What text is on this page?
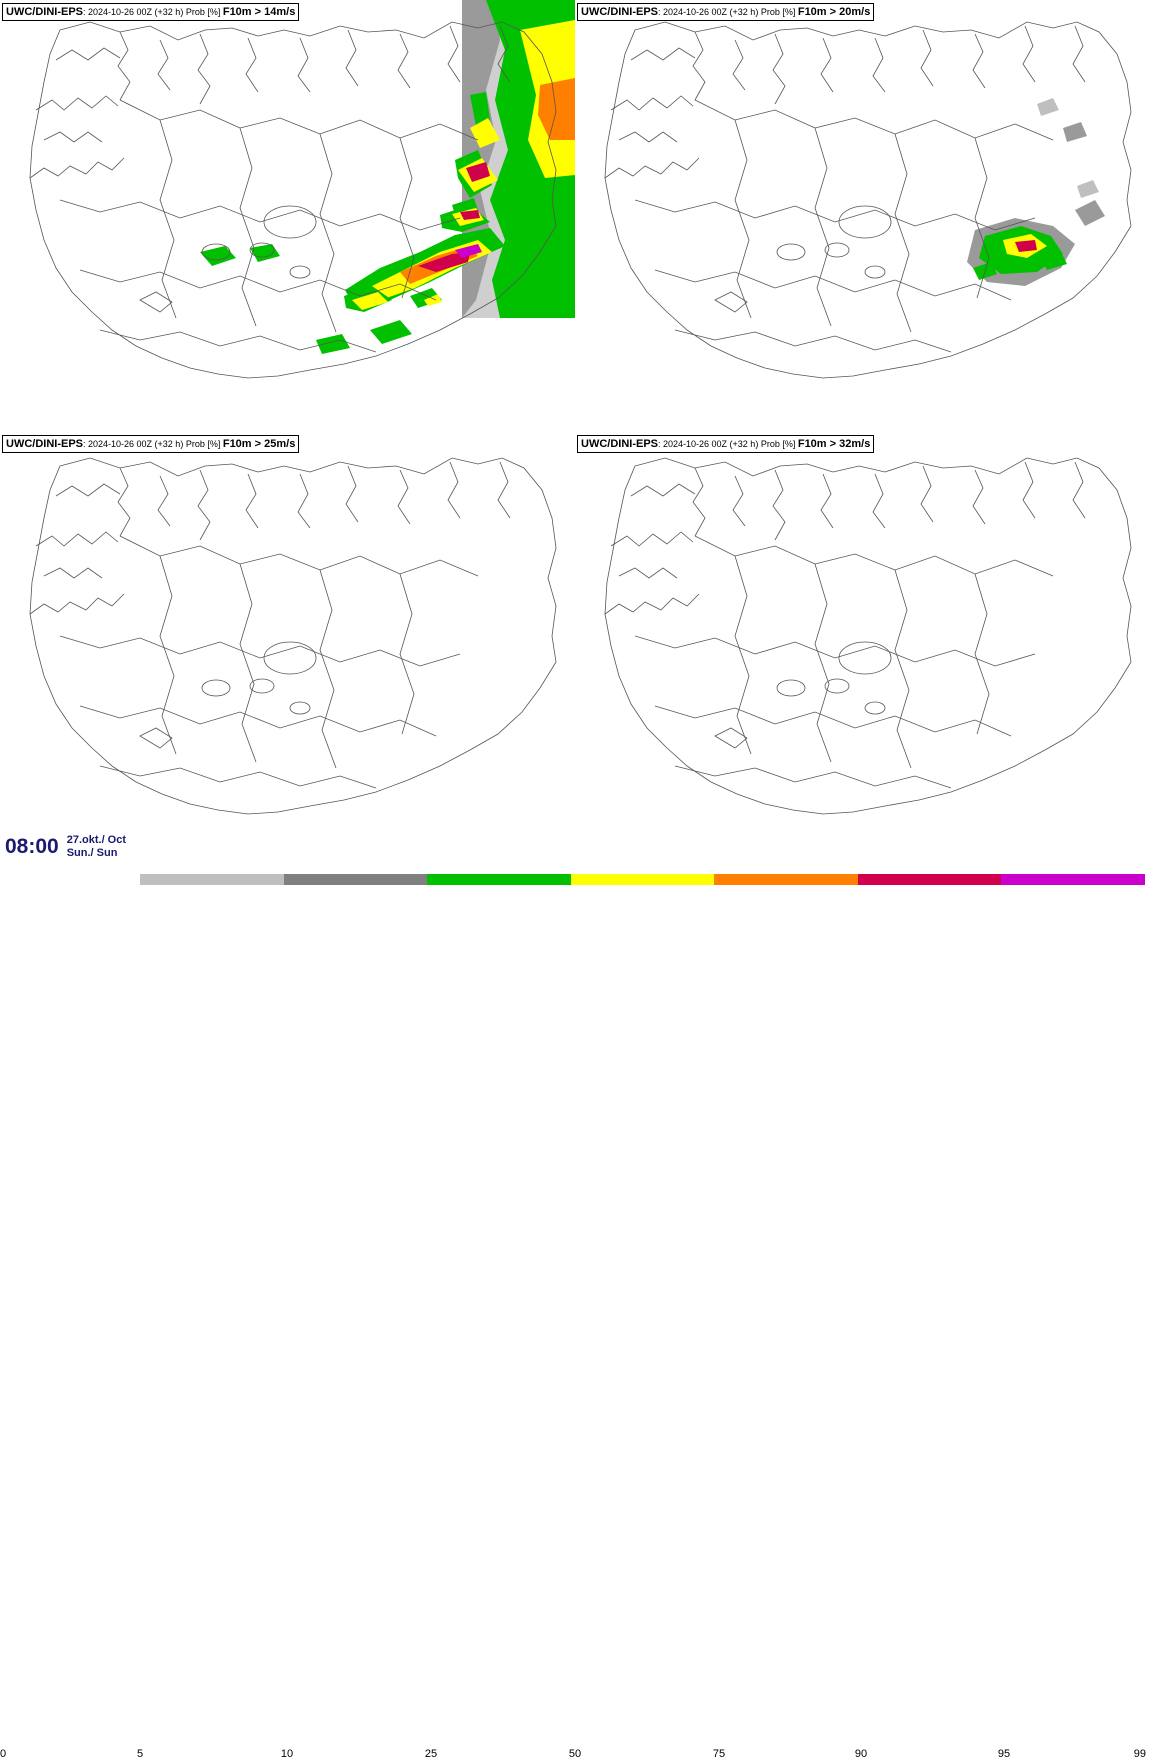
UWC/DINI-EPS: 2024-10-26 00Z (+32 h) Prob [%] F10m > 14m/s	UWC/DINI-EPS: 2024-10-26 00Z (+32 h) Prob [%] F10m > 20m/s
UWC/DINI-EPS: 2024-10-26 00Z (+32 h) Prob [%] F10m > 25m/s	UWC/DINI-EPS: 2024-10-26 00Z (+32 h) Prob [%] F10m > 32m/s
08:00 27.okt./ Oct
Sun./ Sun
0	5	10	25	50	75	90	95	99
